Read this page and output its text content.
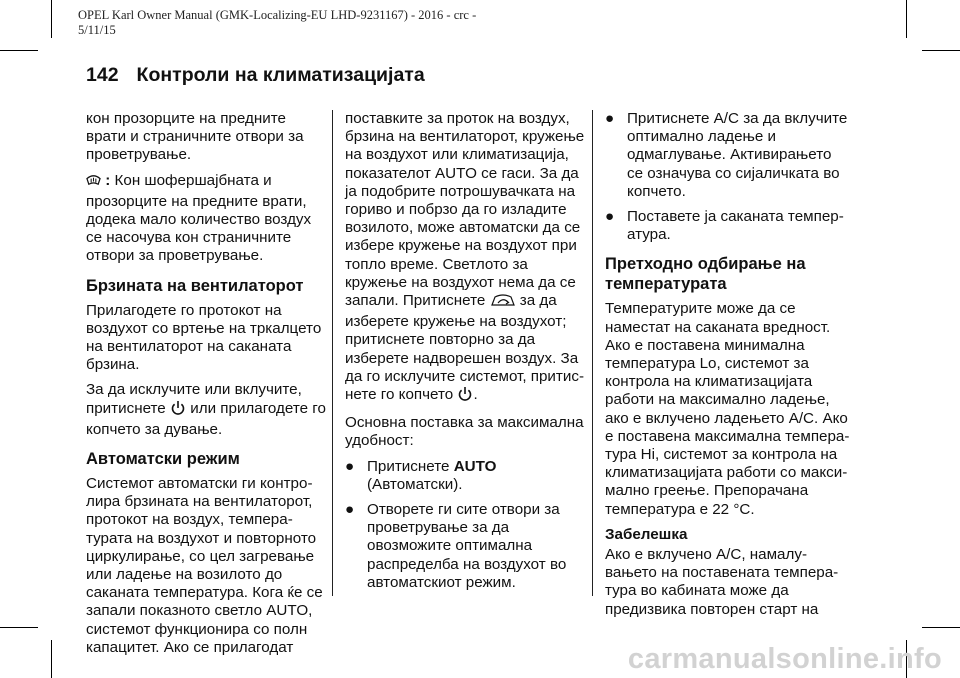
OPEL Karl Owner Manual (GMK-Localizing-EU LHD-9231167) - 2016 - crc -
5/11/15
142 Контроли на климатизацијата

кон прозорците на предните врати и страничните отвори за проветрување.

: Кон шофершајбната и прозорците на предните врати, додека мало количество воздух се насочува кон страничните отвори за проветрување.

Брзината на вентилаторот

Прилагодете го протокот на воздухот со вртење на тркалцето на вентилаторот на саканата брзина.

За да исклучите или вклучите, притиснете или прилагодете го копчето за дување.

Автоматски режим

Системот автоматски ги контро-лира брзината на вентилаторот, протокот на воздух, темпера-турата на воздухот и повторното циркулирање, со цел загревање или ладење на возилото до саканата температура. Кога ќе се запали показното светло AUTO, системот функционира со полн капацитет. Ако се прилагодат

поставките за проток на воздух, брзина на вентилаторот, кружење на воздухот или климатизација, показателот AUTO се гаси. За да ја подобрите потрошувачката на гориво и побрзо да го изладите возилото, може автоматски да се избере кружење на воздухот при топло време. Светлото за кружење на воздухот нема да се запали. Притиснете за да изберете кружење на воздухот; притиснете повторно за да изберете надворешен воздух. За да го исклучите системот, притис-нете го копчето .

Основна поставка за максимална удобност:

● Притиснете AUTO (Автоматски).
● Отворете ги сите отвори за проветрување за да овозможите оптимална распределба на воздухот во автоматскиот режим.
● Притиснете A/C за да вклучите оптимално ладење и одмаглување. Активирањето се означува со сијаличката во копчето.
● Поставете ја саканата темпер-атура.
Претходно одбирање на температурата

Температурите може да се наместат на саканата вредност. Ако е поставена минимална температура Lo, системот за контрола на климатизацијата работи на максимално ладење, ако е вклучено ладењето A/C. Ако е поставена максимална темпера-тура Hi, системот за контрола на климатизацијата работи со макси-мално греење. Препорачана температура е 22 °C.

Забелешка

Ако е вклучено A/C, намалу-вањето на поставената темпера-тура во кабината може да предизвика повторен старт на

carmanualsonline.info
